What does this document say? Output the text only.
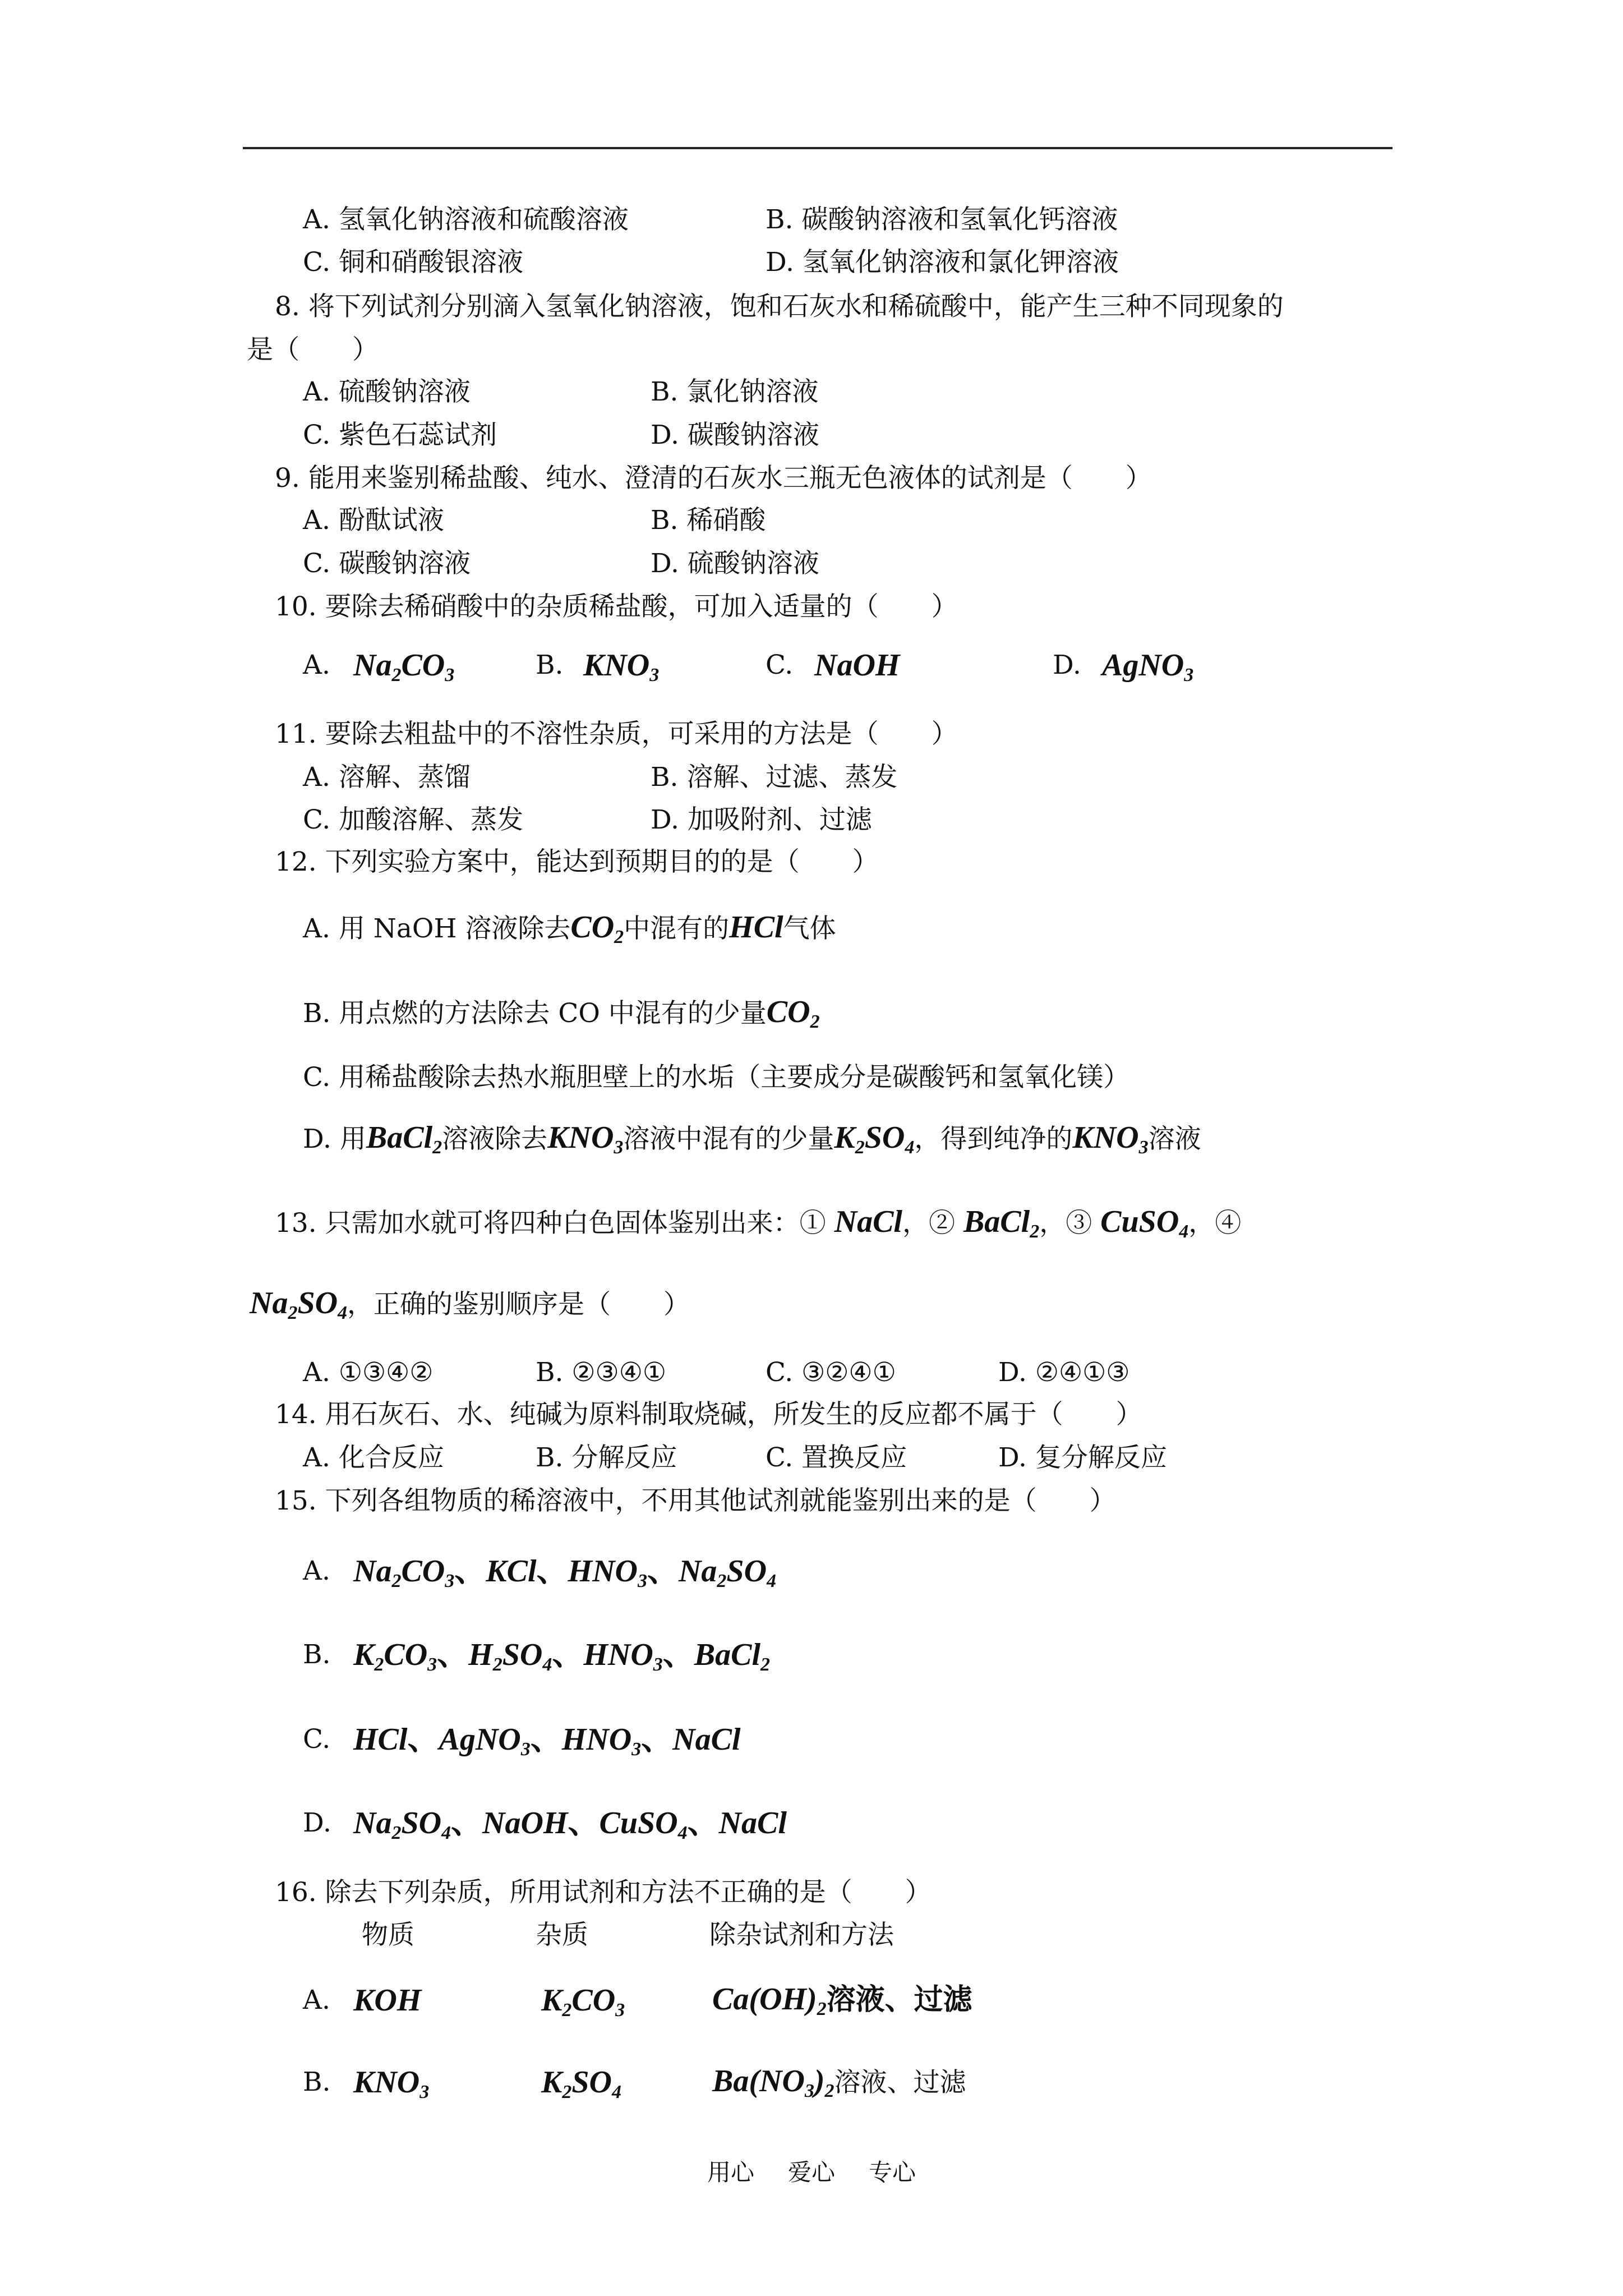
A. 氢氧化钠溶液和硫酸溶液	B. 碳酸钠溶液和氢氧化钙溶液
C. 铜和硝酸银溶液	D. 氢氧化钠溶液和氯化钾溶液
8. 将下列试剂分别滴入氢氧化钠溶液，饱和石灰水和稀硫酸中，能产生三种不同现象的
是（　　）
A. 硫酸钠溶液	B. 氯化钠溶液
C. 紫色石蕊试剂	D. 碳酸钠溶液
9. 能用来鉴别稀盐酸、纯水、澄清的石灰水三瓶无色液体的试剂是（　　）
A. 酚酞试液	B. 稀硝酸
C. 碳酸钠溶液	D. 硫酸钠溶液
10. 要除去稀硝酸中的杂质稀盐酸，可加入适量的（　　）
A. $Na_2CO_3$	B. $KNO_3$	C. NaOH	D. AgNO$_3$
11. 要除去粗盐中的不溶性杂质，可采用的方法是（　　）
A. 溶解、蒸馏	B. 溶解、过滤、蒸发
C. 加酸溶解、蒸发	D. 加吸附剂、过滤
12. 下列实验方案中，能达到预期目的的是（　　）
A. 用 NaOH 溶液除去$CO_2$中混有的HCl气体
B. 用点燃的方法除去 CO 中混有的少量$CO_2$
C. 用稀盐酸除去热水瓶胆壁上的水垢（主要成分是碳酸钙和氢氧化镁）
D. 用BaCl$_2$溶液除去$KNO_3$溶液中混有的少量$K_2SO_4$，得到纯净的$KNO_3$溶液
13. 只需加水就可将四种白色固体鉴别出来：① NaCl，② BaCl$_2$，③ CuSO$_4$，④
$Na_2SO_4$，正确的鉴别顺序是（　　）
A. ①③④②	B. ②③④①	C. ③②④①	D. ②④①③
14. 用石灰石、水、纯碱为原料制取烧碱，所发生的反应都不属于（　　）
A. 化合反应	B. 分解反应	C. 置换反应	D. 复分解反应
15. 下列各组物质的稀溶液中，不用其他试剂就能鉴别出来的是（　　）
A. $Na_2CO_3$、KCl、$HNO_3$、$Na_2SO_4$
B. $K_2CO_3$、$H_2SO_4$、$HNO_3$、BaCl$_2$
C. HCl、AgNO$_3$、$HNO_3$、NaCl
D. $Na_2SO_4$、NaOH、CuSO$_4$、NaCl
16. 除去下列杂质，所用试剂和方法不正确的是（　　）
物质	杂质	除杂试剂和方法
A. KOH	$K_2CO_3$	$Ca(OH)_2$溶液、过滤
B. $KNO_3$	$K_2SO_4$	$Ba(NO_3)_2$溶液、过滤
用心 爱心 专心
